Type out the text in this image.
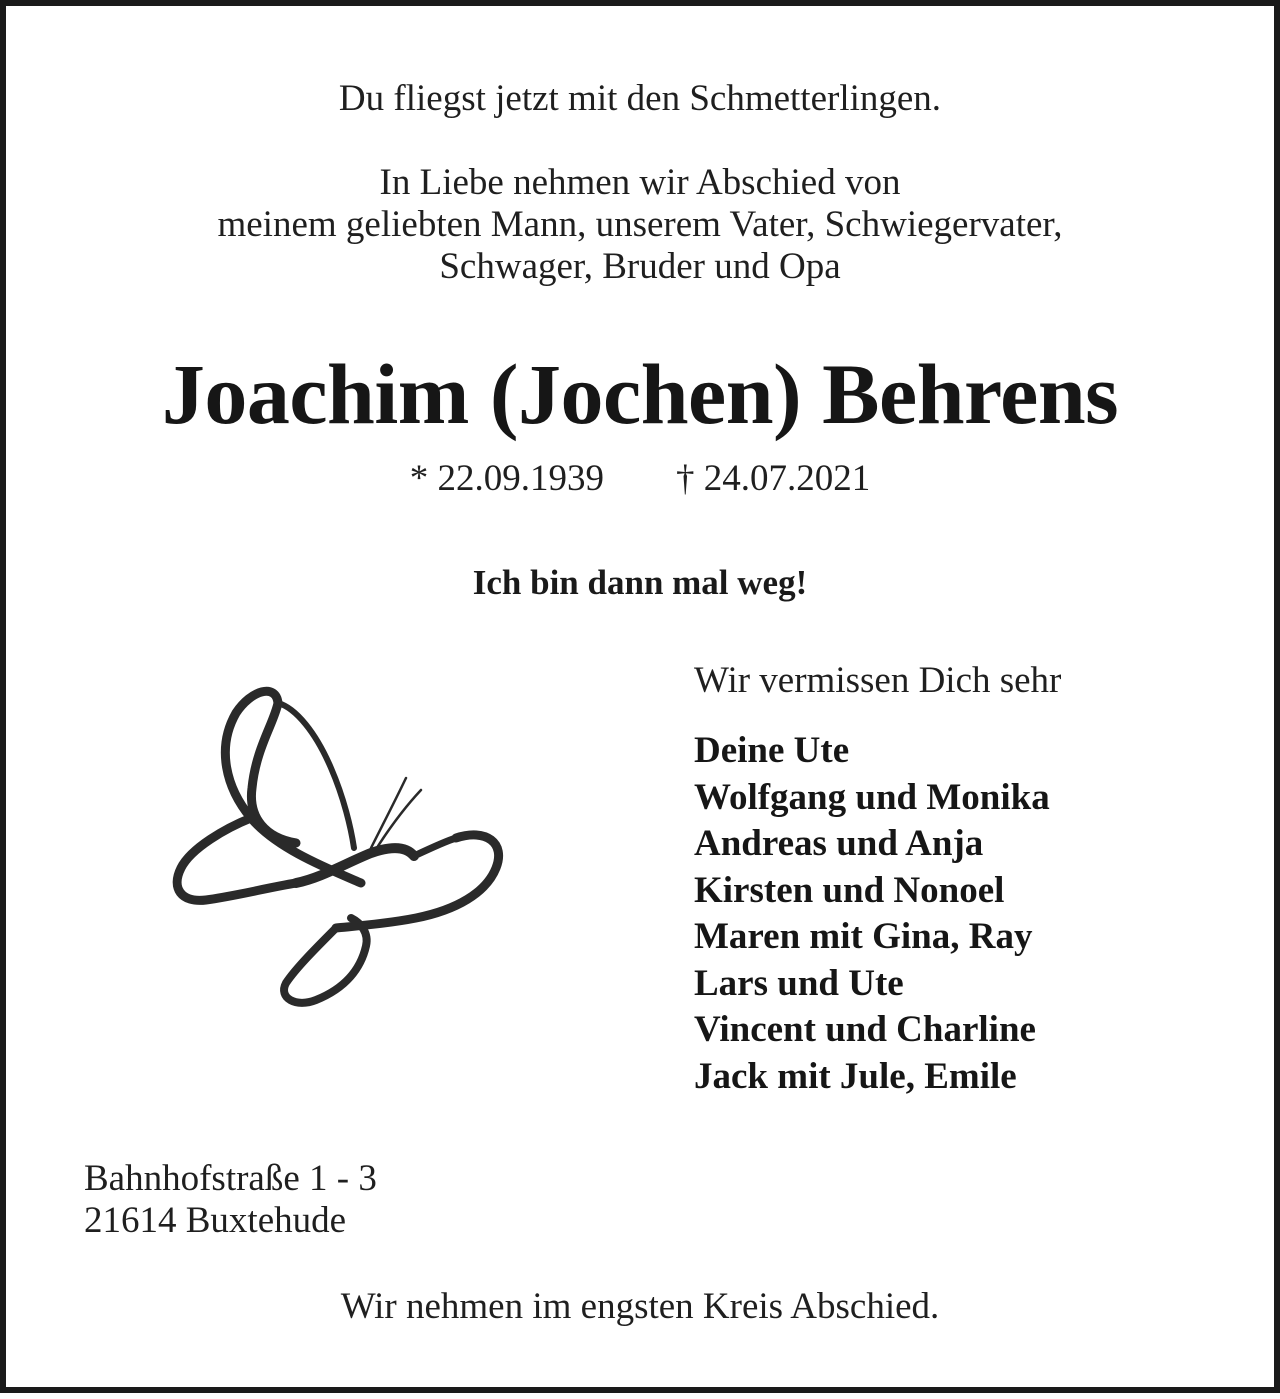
Du fliegst jetzt mit den Schmetterlingen.
In Liebe nehmen wir Abschied von
meinem geliebten Mann, unserem Vater, Schwiegervater,
Schwager, Bruder und Opa
Joachim (Jochen) Behrens
* 22.09.1939 † 24.07.2021
Ich bin dann mal weg!
Wir vermissen Dich sehr
Deine Ute
Wolfgang und Monika
Andreas und Anja
Kirsten und Nonoel
Maren mit Gina, Ray
Lars und Ute
Vincent und Charline
Jack mit Jule, Emile
Bahnhofstraße 1 - 3
21614 Buxtehude
Wir nehmen im engsten Kreis Abschied.
